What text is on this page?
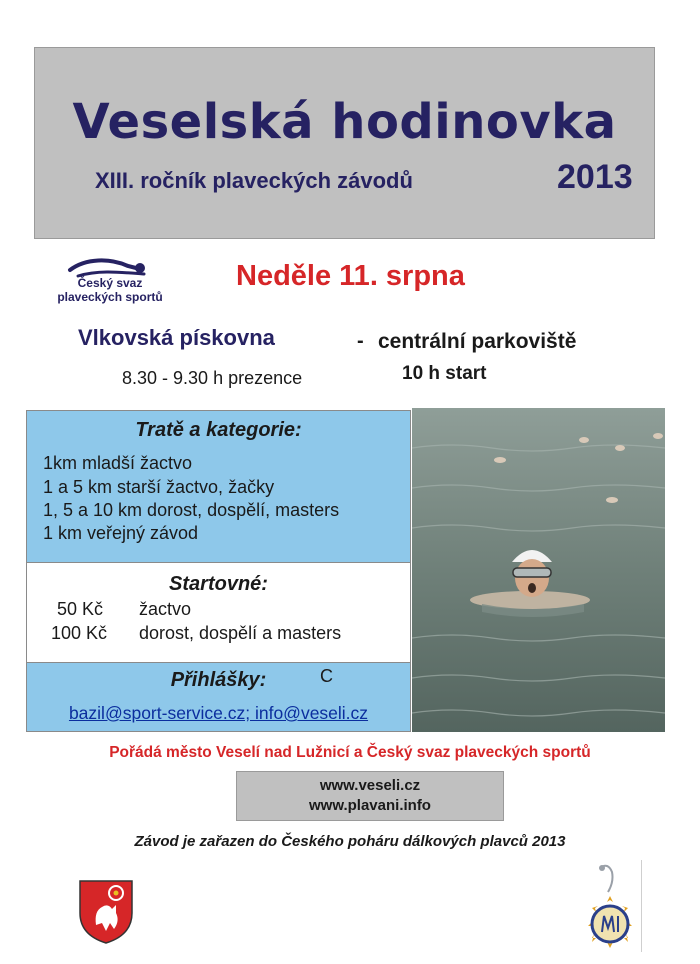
Veselská hodinovka
XIII. ročník plaveckých závodů	2013
Český svaz
plaveckých sportů
Neděle 11. srpna
Vlkovská pískovna	- centrální parkoviště
8.30 - 9.30 h prezence	10 h start
Tratě a kategorie:
1km mladší žactvo
1 a 5 km starší žactvo, žačky
1, 5 a 10 km dorost, dospělí, masters
1 km veřejný závod
Startovné:
50 Kč žactvo
100 Kč dorost, dospělí a masters
Přihlášky:
bazil@sport-service.cz; info@veseli.cz
C
Pořádá město Veselí nad Lužnicí a Český svaz plaveckých sportů
www.veseli.cz
www.plavani.info
Závod je zařazen do Českého poháru dálkových plavců 2013
